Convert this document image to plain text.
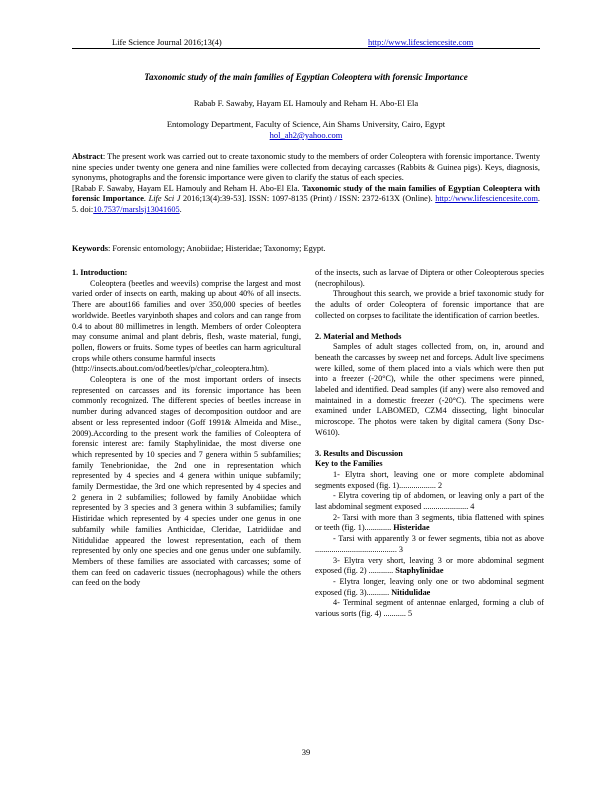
Life Science Journal 2016;13(4)	http://www.lifesciencesite.com
Taxonomic study of the main families of Egyptian Coleoptera with forensic Importance
Rabab F. Sawaby, Hayam EL Hamouly and Reham H. Abo-El Ela
Entomology Department, Faculty of Science, Ain Shams University, Cairo, Egypt
hol_ah2@yahoo.com

Abstract: The present work was carried out to create taxonomic study to the members of order Coleoptera with forensic importance. Twenty nine species under twenty one genera and nine families were collected from decaying carcasses (Rabbits & Guinea pigs). Keys, diagnosis, synonyms, photographs and the forensic importance were given to clarify the status of each species.

[Rabab F. Sawaby, Hayam EL Hamouly and Reham H. Abo-El Ela. Taxonomic study of the main families of Egyptian Coleoptera with forensic Importance. Life Sci J 2016;13(4):39-53]. ISSN: 1097-8135 (Print) / ISSN: 2372-613X (Online). http://www.lifesciencesite.com. 5. doi:10.7537/marslsj13041605.

Keywords: Forensic entomology; Anobiidae; Histeridae; Taxonomy; Egypt.

1. Introduction:

Coleoptera (beetles and weevils) comprise the largest and most varied order of insects on earth, making up about 40% of all insects. There are about166 families and over 350,000 species of beetles worldwide. Beetles varyinboth shapes and colors and can range from 0.4 to about 80 millimetres in length. Members of order Coleoptera may consume animal and plant debris, flesh, waste material, fungi, pollen, flowers or fruits. Some types of beetles can harm agricultural crops while others consume harmful insects

(http://insects.about.com/od/beetles/p/char_coleoptera.htm).

Coleoptera is one of the most important orders of insects represented on carcasses and its forensic importance has been commonly recognized. The different species of beetles increase in number during advanced stages of decomposition outdoor and are absent or less represented indoor (Goff 1991& Almeida and Mise., 2009).According to the present work the families of Coleoptera of forensic interest are: family Staphylinidae, the most diverse one which represented by 10 species and 7 genera within 5 subfamilies; family Tenebrionidae, the 2nd one in representation which represented by 4 species and 4 genera within unique subfamily; family Dermestidae, the 3rd one which represented by 4 species and 2 genera in 2 subfamilies; followed by family Anobiidae which represented by 3 species and 3 genera within 3 subfamilies; family Histiridae which represented by 4 species under one genus in one subfamily while families Anthicidae, Cleridae, Latridiidae and Nitidulidae appeared the lowest representation, each of them represented by only one species and one genus under one subfamily. Members of these families are associated with carcasses; some of them can feed on cadaveric tissues (necrophagous) while the others can feed on the body

of the insects, such as larvae of Diptera or other Coleopterous species (necrophilous).

Throughout this search, we provide a brief taxonomic study for the adults of order Coleoptera of forensic importance that are collected on corpses to facilitate the identification of carrion beetles.

2. Material and Methods

Samples of adult stages collected from, on, in, around and beneath the carcasses by sweep net and forceps. Adult live specimens were killed, some of them placed into a vials which were then put into a freezer (-20°C), while the other specimens were pinned, labeled and identified. Dead samples (if any) were also removed and maintained in a domestic freezer (-20°C). The specimens were examined under LABOMED, CZM4 dissecting, light binocular microscope. The photos were taken by digital camera (Sony Dsc-W610).

3. Results and Discussion

Key to the Families

1- Elytra short, leaving one or more complete abdominal segments exposed (fig. 1).................. 2

- Elytra covering tip of abdomen, or leaving only a part of the last abdominal segment exposed ...................... 4

2- Tarsi with more than 3 segments, tibia flattened with spines or teeth (fig. 1)............. Histeridae

- Tarsi with apparently 3 or fewer segments, tibia not as above ........................................ 3

3- Elytra very short, leaving 3 or more abdominal segment exposed (fig. 2) ............ Staphylinidae

- Elytra longer, leaving only one or two abdominal segment exposed (fig. 3)........... Nitidulidae

4- Terminal segment of antennae enlarged, forming a club of various sorts (fig. 4) ........... 5

39
